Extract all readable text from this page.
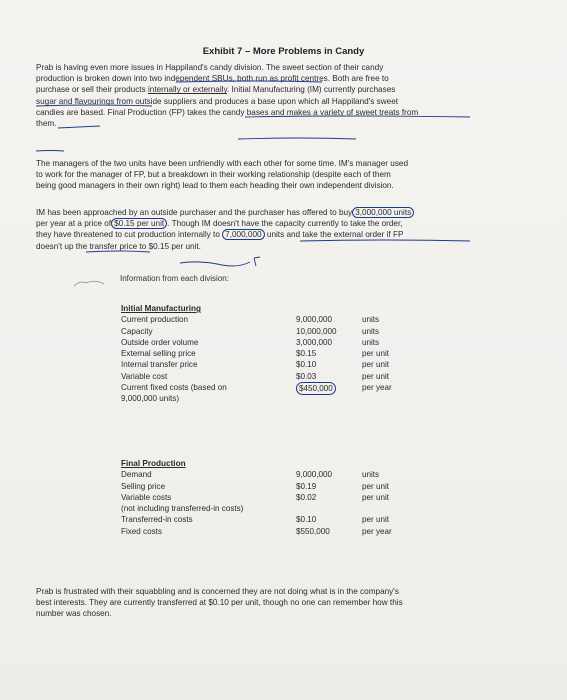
Exhibit 7 – More Problems in Candy
Prab is having even more issues in Happiland's candy division. The sweet section of their candy
production is broken down into two independent SBUs, both run as profit centres. Both are free to
purchase or sell their products internally or externally. Initial Manufacturing (IM) currently purchases
sugar and flavourings from outside suppliers and produces a base upon which all Happiland's sweet
candies are based. Final Production (FP) takes the candy bases and makes a variety of sweet treats from
them.
The managers of the two units have been unfriendly with each other for some time. IM's manager used
to work for the manager of FP, but a breakdown in their working relationship (despite each of them
being good managers in their own right) lead to them each heading their own independent division.
IM has been approached by an outside purchaser and the purchaser has offered to buy 3,000,000 units
per year at a price of $0.15 per unit . Though IM doesn't have the capacity currently to take the order,
they have threatened to cut production internally to 7,000,000 units and take the external order if FP
doesn't up the transfer price to $0.15 per unit.
Information from each division:
Initial Manufacturing
Current production	9,000,000	units
Capacity	10,000,000	units
Outside order volume	3,000,000	units
External selling price	$0.15	per unit
Internal transfer price	$0.10	per unit
Variable cost	$0.03	per unit
Current fixed costs (based on	$450,000	per year
9,000,000 units)
Final Production
Demand	9,000,000	units
Selling price	$0.19	per unit
Variable costs	$0.02	per unit
(not including transferred-in costs)
Transferred-in costs	$0.10	per unit
Fixed costs	$550,000	per year
Prab is frustrated with their squabbling and is concerned they are not doing what is in the company's
best interests. They are currently transferred at $0.10 per unit, though no one can remember how this
number was chosen.
